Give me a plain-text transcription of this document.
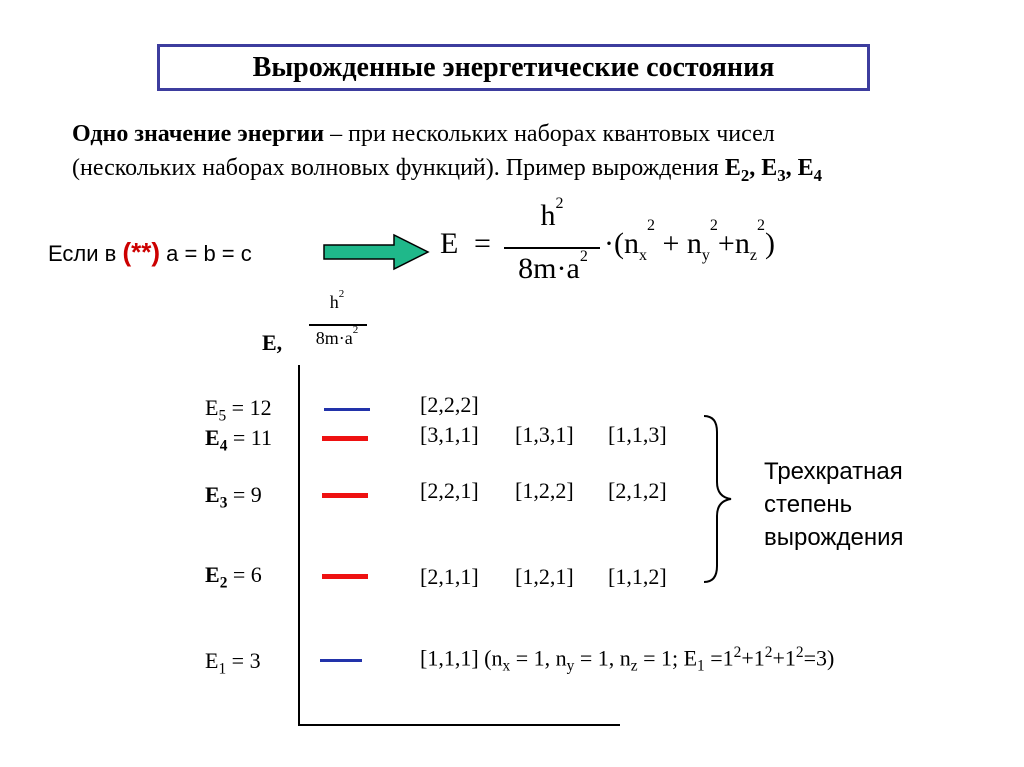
Вырожденные энергетические состояния
Одно значение энергии – при нескольких наборах квантовых чисел
(нескольких наборах волновых функций). Пример вырождения $E_2$, $E_3$, $E_4$
Если в (**) a = b = c	E =
$h^2$
$8m\cdot a^2 \cdot(n_x^2 + n_y^2+n_z^2)$
E,
$h^2$
$8m\cdot a^2$
$E_5 = 12$
$E_4 = 11$
$E_3 = 9$
$E_2 = 6$
$E_1 = 3$
[2,2,2]
[3,1,1] [1,3,1] [1,1,3]
[2,2,1] [1,2,2] [2,1,2]
[2,1,1] [1,2,1] [1,1,2]
[1,1,1] ($n_x = 1$, $n_y = 1$, $n_z = 1$; $E_1 =1^2+1^2+1^2=3$)
Трехкратная
степень
вырождения
